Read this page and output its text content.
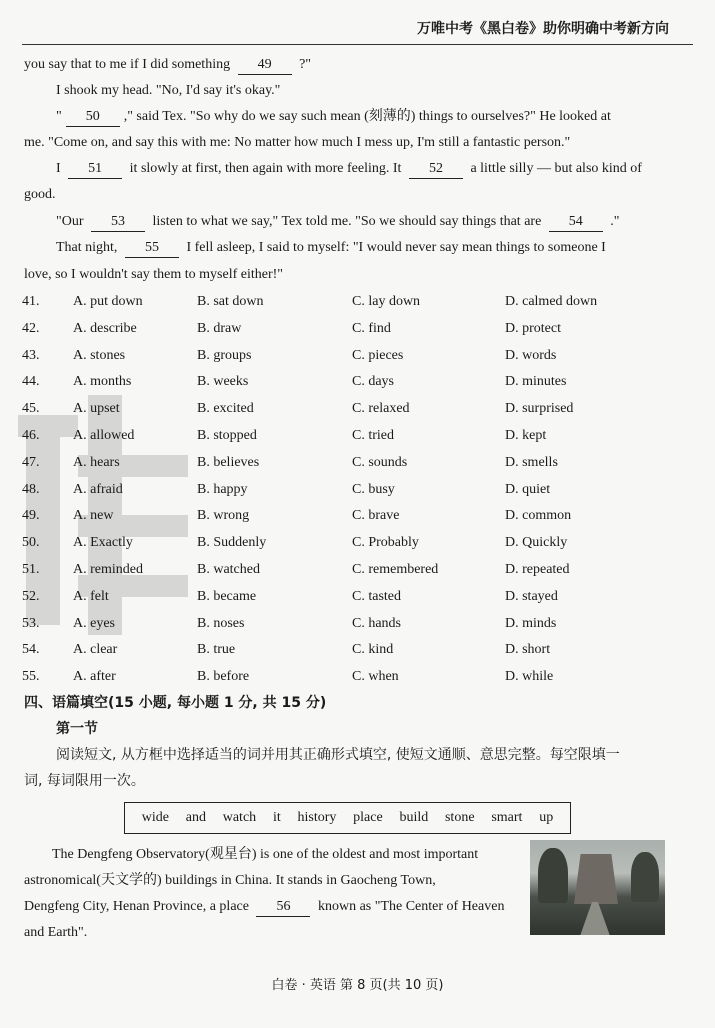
万唯中考《黑白卷》助你明确中考新方向
you say that to me if I did something 49 ?"
I shook my head. "No, I'd say it's okay."
" 50 ," said Tex. "So why do we say such mean (刻薄的) things to ourselves?" He looked at
me. "Come on, and say this with me: No matter how much I mess up, I'm still a fantastic person."
I 51 it slowly at first, then again with more feeling. It 52 a little silly — but also kind of
good.
"Our 53 listen to what we say," Tex told me. "So we should say things that are 54 ."
That night, 55 I fell asleep, I said to myself: "I would never say mean things to someone I
love, so I wouldn't say them to myself either!"
41. A. put down	B. sat down	C. lay down	D. calmed down
42. A. describe	B. draw	C. find	D. protect
43. A. stones	B. groups	C. pieces	D. words
44. A. months	B. weeks	C. days	D. minutes
45. A. upset	B. excited	C. relaxed	D. surprised
46. A. allowed	B. stopped	C. tried	D. kept
47. A. hears	B. believes	C. sounds	D. smells
48. A. afraid	B. happy	C. busy	D. quiet
49. A. new	B. wrong	C. brave	D. common
50. A. Exactly	B. Suddenly	C. Probably	D. Quickly
51. A. reminded	B. watched	C. remembered	D. repeated
52. A. felt	B. became	C. tasted	D. stayed
53. A. eyes	B. noses	C. hands	D. minds
54. A. clear	B. true	C. kind	D. short
55. A. after	B. before	C. when	D. while
四、语篇填空(15 小题, 每小题 1 分, 共 15 分)
第一节
阅读短文, 从方框中选择适当的词并用其正确形式填空, 使短文通顺、意思完整。每空限填一
词, 每词限用一次。
wide and watch it history place build stone smart up
The Dengfeng Observatory(观星台) is one of the oldest and most important
astronomical(天文学的) buildings in China. It stands in Gaocheng Town,
Dengfeng City, Henan Province, a place 56 known as "The Center of Heaven
and Earth".
白卷 · 英语 第 8 页(共 10 页)
